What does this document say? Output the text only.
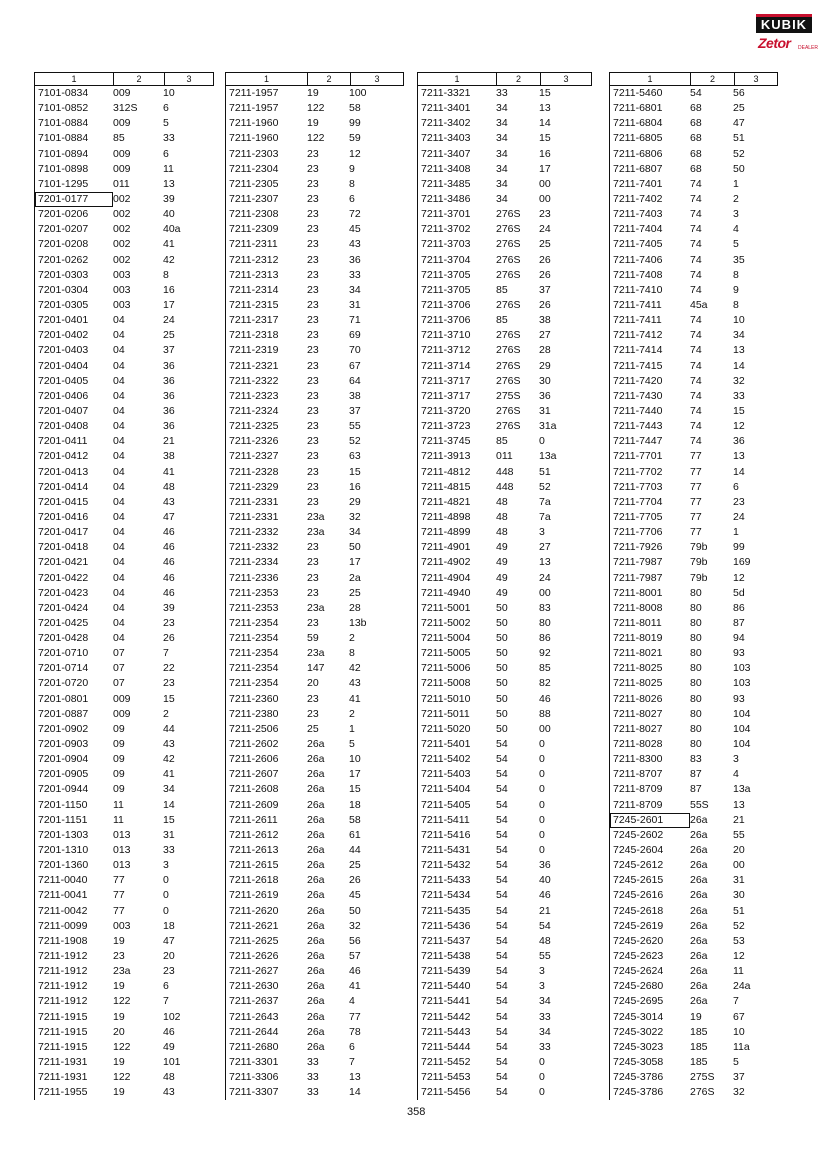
KUBIK
Zetor DEALER
1	2	3
7101-0834	009	10
7101-0852	312S	6
7101-0884	009	5
7101-0884	85	33
7101-0894	009	6
7101-0898	009	11
7101-1295	011	13
7201-0177	002	39
7201-0206	002	40
7201-0207	002	40a
7201-0208	002	41
7201-0262	002	42
7201-0303	003	8
7201-0304	003	16
7201-0305	003	17
7201-0401	04	24
7201-0402	04	25
7201-0403	04	37
7201-0404	04	36
7201-0405	04	36
7201-0406	04	36
7201-0407	04	36
7201-0408	04	36
7201-0411	04	21
7201-0412	04	38
7201-0413	04	41
7201-0414	04	48
7201-0415	04	43
7201-0416	04	47
7201-0417	04	46
7201-0418	04	46
7201-0421	04	46
7201-0422	04	46
7201-0423	04	46
7201-0424	04	39
7201-0425	04	23
7201-0428	04	26
7201-0710	07	7
7201-0714	07	22
7201-0720	07	23
7201-0801	009	15
7201-0887	009	2
7201-0902	09	44
7201-0903	09	43
7201-0904	09	42
7201-0905	09	41
7201-0944	09	34
7201-1150	11	14
7201-1151	11	15
7201-1303	013	31
7201-1310	013	33
7201-1360	013	3
7211-0040	77	0
7211-0041	77	0
7211-0042	77	0
7211-0099	003	18
7211-1908	19	47
7211-1912	23	20
7211-1912	23a	23
7211-1912	19	6
7211-1912	122	7
7211-1915	19	102
7211-1915	20	46
7211-1915	122	49
7211-1931	19	101
7211-1931	122	48
7211-1955	19	43
1	2	3
7211-1957	19	100
7211-1957	122	58
7211-1960	19	99
7211-1960	122	59
7211-2303	23	12
7211-2304	23	9
7211-2305	23	8
7211-2307	23	6
7211-2308	23	72
7211-2309	23	45
7211-2311	23	43
7211-2312	23	36
7211-2313	23	33
7211-2314	23	34
7211-2315	23	31
7211-2317	23	71
7211-2318	23	69
7211-2319	23	70
7211-2321	23	67
7211-2322	23	64
7211-2323	23	38
7211-2324	23	37
7211-2325	23	55
7211-2326	23	52
7211-2327	23	63
7211-2328	23	15
7211-2329	23	16
7211-2331	23	29
7211-2331	23a	32
7211-2332	23a	34
7211-2332	23	50
7211-2334	23	17
7211-2336	23	2a
7211-2353	23	25
7211-2353	23a	28
7211-2354	23	13b
7211-2354	59	2
7211-2354	23a	8
7211-2354	147	42
7211-2354	20	43
7211-2360	23	41
7211-2380	23	2
7211-2506	25	1
7211-2602	26a	5
7211-2606	26a	10
7211-2607	26a	17
7211-2608	26a	15
7211-2609	26a	18
7211-2611	26a	58
7211-2612	26a	61
7211-2613	26a	44
7211-2615	26a	25
7211-2618	26a	26
7211-2619	26a	45
7211-2620	26a	50
7211-2621	26a	32
7211-2625	26a	56
7211-2626	26a	57
7211-2627	26a	46
7211-2630	26a	41
7211-2637	26a	4
7211-2643	26a	77
7211-2644	26a	78
7211-2680	26a	6
7211-3301	33	7
7211-3306	33	13
7211-3307	33	14
1	2	3
7211-3321	33	15
7211-3401	34	13
7211-3402	34	14
7211-3403	34	15
7211-3407	34	16
7211-3408	34	17
7211-3485	34	00
7211-3486	34	00
7211-3701	276S	23
7211-3702	276S	24
7211-3703	276S	25
7211-3704	276S	26
7211-3705	276S	26
7211-3705	85	37
7211-3706	276S	26
7211-3706	85	38
7211-3710	276S	27
7211-3712	276S	28
7211-3714	276S	29
7211-3717	276S	30
7211-3717	275S	36
7211-3720	276S	31
7211-3723	276S	31a
7211-3745	85	0
7211-3913	011	13a
7211-4812	448	51
7211-4815	448	52
7211-4821	48	7a
7211-4898	48	7a
7211-4899	48	3
7211-4901	49	27
7211-4902	49	13
7211-4904	49	24
7211-4940	49	00
7211-5001	50	83
7211-5002	50	80
7211-5004	50	86
7211-5005	50	92
7211-5006	50	85
7211-5008	50	82
7211-5010	50	46
7211-5011	50	88
7211-5020	50	00
7211-5401	54	0
7211-5402	54	0
7211-5403	54	0
7211-5404	54	0
7211-5405	54	0
7211-5411	54	0
7211-5416	54	0
7211-5431	54	0
7211-5432	54	36
7211-5433	54	40
7211-5434	54	46
7211-5435	54	21
7211-5436	54	54
7211-5437	54	48
7211-5438	54	55
7211-5439	54	3
7211-5440	54	3
7211-5441	54	34
7211-5442	54	33
7211-5443	54	34
7211-5444	54	33
7211-5452	54	0
7211-5453	54	0
7211-5456	54	0
1	2	3
7211-5460	54	56
7211-6801	68	25
7211-6804	68	47
7211-6805	68	51
7211-6806	68	52
7211-6807	68	50
7211-7401	74	1
7211-7402	74	2
7211-7403	74	3
7211-7404	74	4
7211-7405	74	5
7211-7406	74	35
7211-7408	74	8
7211-7410	74	9
7211-7411	45a	8
7211-7411	74	10
7211-7412	74	34
7211-7414	74	13
7211-7415	74	14
7211-7420	74	32
7211-7430	74	33
7211-7440	74	15
7211-7443	74	12
7211-7447	74	36
7211-7701	77	13
7211-7702	77	14
7211-7703	77	6
7211-7704	77	23
7211-7705	77	24
7211-7706	77	1
7211-7926	79b	99
7211-7987	79b	169
7211-7987	79b	12
7211-8001	80	5d
7211-8008	80	86
7211-8011	80	87
7211-8019	80	94
7211-8021	80	93
7211-8025	80	103
7211-8025	80	103
7211-8026	80	93
7211-8027	80	104
7211-8027	80	104
7211-8028	80	104
7211-8300	83	3
7211-8707	87	4
7211-8709	87	13a
7211-8709	55S	13
7245-2601	26a	21
7245-2602	26a	55
7245-2604	26a	20
7245-2612	26a	00
7245-2615	26a	31
7245-2616	26a	30
7245-2618	26a	51
7245-2619	26a	52
7245-2620	26a	53
7245-2623	26a	12
7245-2624	26a	11
7245-2680	26a	24a
7245-2695	26a	7
7245-3014	19	67
7245-3022	185	10
7245-3023	185	11a
7245-3058	185	5
7245-3786	275S	37
7245-3786	276S	32
358
